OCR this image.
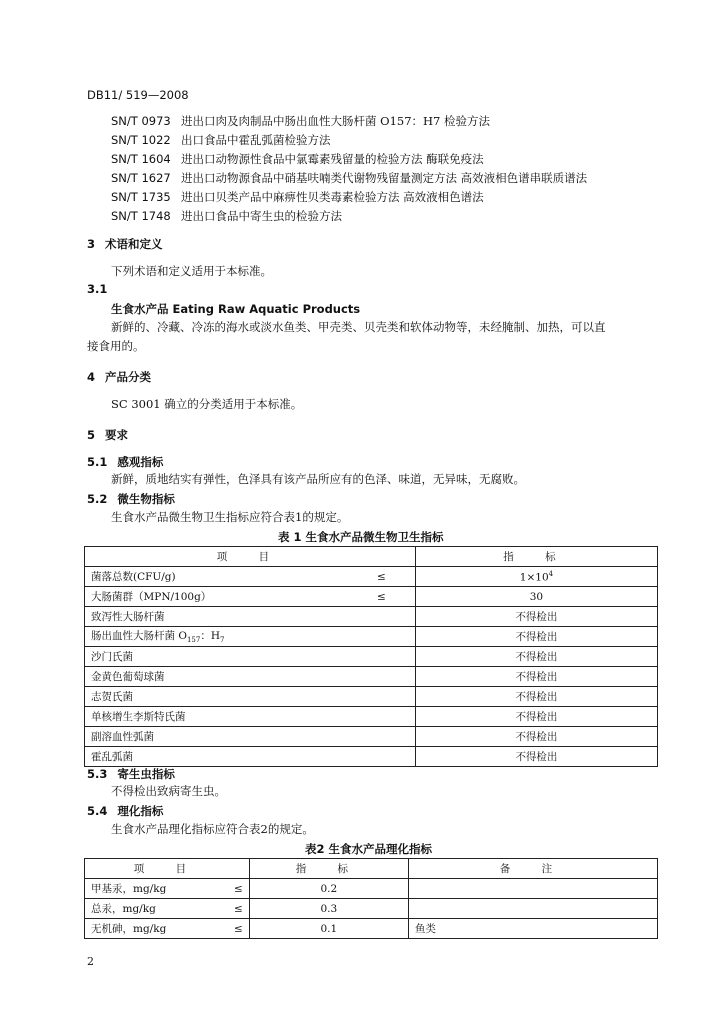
DB11/ 519—2008
SN/T 0973 进出口肉及肉制品中肠出血性大肠杆菌 O157：H7 检验方法
SN/T 1022 出口食品中霍乱弧菌检验方法
SN/T 1604 进出口动物源性食品中氯霉素残留量的检验方法 酶联免疫法
SN/T 1627 进出口动物源食品中硝基呋喃类代谢物残留量测定方法 高效液相色谱串联质谱法
SN/T 1735 进出口贝类产品中麻痹性贝类毒素检验方法 高效液相色谱法
SN/T 1748 进出口食品中寄生虫的检验方法
3 术语和定义
下列术语和定义适用于本标准。
3.1
生食水产品 Eating Raw Aquatic Products
新鲜的、冷藏、冷冻的海水或淡水鱼类、甲壳类、贝壳类和软体动物等，未经腌制、加热，可以直
接食用的。
4 产品分类
SC 3001 确立的分类适用于本标准。
5 要求
5.1 感观指标
新鲜，质地结实有弹性，色泽具有该产品所应有的色泽、味道，无异味，无腐败。
5.2 微生物指标
生食水产品微生物卫生指标应符合表1的规定。
表 1 生食水产品微生物卫生指标
项 目	指 标
菌落总数(CFU/g) ≤	$1\times 10^4$
大肠菌群（MPN/100g） ≤	30
致泻性大肠杆菌	不得检出
肠出血性大肠杆菌 $O_{157}$：$H_7$	不得检出
沙门氏菌	不得检出
金黄色葡萄球菌	不得检出
志贺氏菌	不得检出
单核增生李斯特氏菌	不得检出
副溶血性弧菌	不得检出
霍乱弧菌	不得检出
5.3 寄生虫指标
不得检出致病寄生虫。
5.4 理化指标
生食水产品理化指标应符合表2的规定。
表2 生食水产品理化指标
项 目	指 标	备 注
甲基汞，mg/kg ≤	0.2	
总汞，mg/kg ≤	0.3	
无机砷，mg/kg ≤	0.1	鱼类
2
